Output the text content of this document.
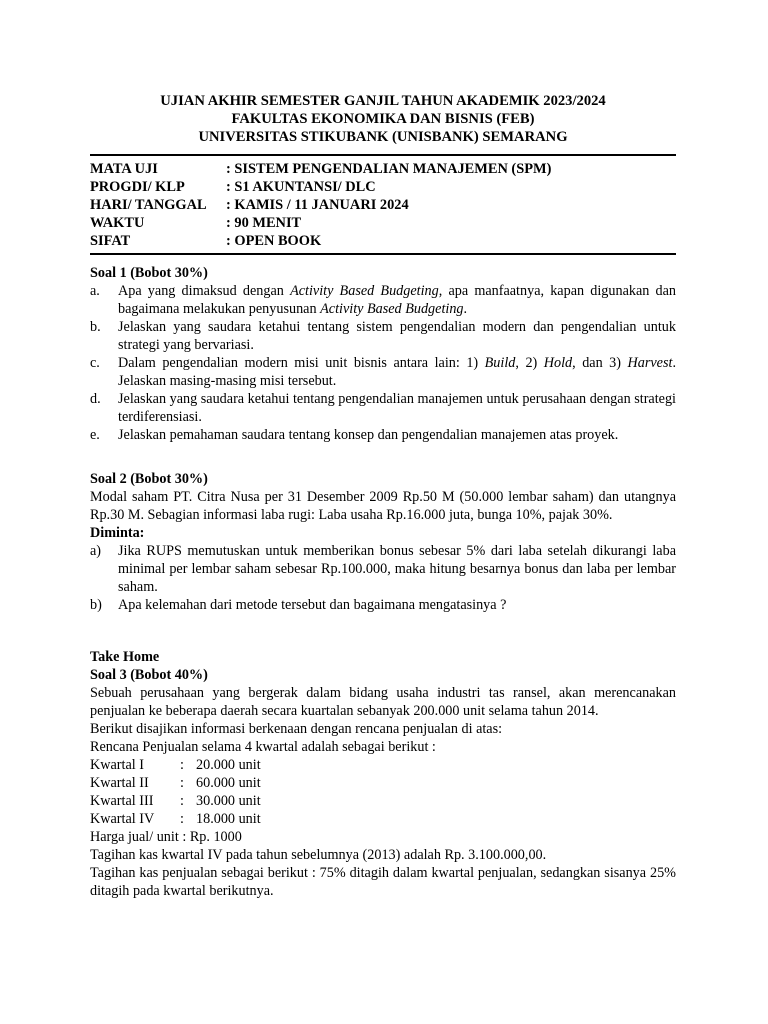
UJIAN AKHIR SEMESTER GANJIL TAHUN AKADEMIK 2023/2024
FAKULTAS EKONOMIKA DAN BISNIS (FEB)
UNIVERSITAS STIKUBANK (UNISBANK) SEMARANG
MATA UJI	: SISTEM PENGENDALIAN MANAJEMEN (SPM)
PROGDI/ KLP	: S1 AKUNTANSI/ DLC
HARI/ TANGGAL	: KAMIS / 11 JANUARI 2024
WAKTU	: 90 MENIT
SIFAT	: OPEN BOOK
Soal 1 (Bobot 30%)
a.	Apa yang dimaksud dengan Activity Based Budgeting, apa manfaatnya, kapan digunakan dan bagaimana melakukan penyusunan Activity Based Budgeting.
b.	Jelaskan yang saudara ketahui tentang sistem pengendalian modern dan pengendalian untuk strategi yang bervariasi.
c.	Dalam pengendalian modern misi unit bisnis antara lain: 1) Build, 2) Hold, dan 3) Harvest. Jelaskan masing-masing misi tersebut.
d.	Jelaskan yang saudara ketahui tentang pengendalian manajemen untuk perusahaan dengan strategi terdiferensiasi.
e.	Jelaskan pemahaman saudara tentang konsep dan pengendalian manajemen atas proyek.
Soal 2 (Bobot 30%)
Modal saham PT. Citra Nusa per 31 Desember 2009 Rp.50 M (50.000 lembar saham) dan utangnya Rp.30 M. Sebagian informasi laba rugi: Laba usaha Rp.16.000 juta, bunga 10%, pajak 30%.
Diminta:
a)	Jika RUPS memutuskan untuk memberikan bonus sebesar 5% dari laba setelah dikurangi laba minimal per lembar saham sebesar Rp.100.000, maka hitung besarnya bonus dan laba per lembar saham.
b)	Apa kelemahan dari metode tersebut dan bagaimana mengatasinya ?
Take Home
Soal 3 (Bobot 40%)
Sebuah perusahaan yang bergerak dalam bidang usaha industri tas ransel, akan merencanakan penjualan ke beberapa daerah secara kuartalan sebanyak 200.000 unit selama tahun 2014.
Berikut disajikan informasi berkenaan dengan rencana penjualan di atas:
Rencana Penjualan selama 4 kwartal adalah sebagai berikut :
Kwartal I	: 20.000 unit
Kwartal II	: 60.000 unit
Kwartal III	: 30.000 unit
Kwartal IV	: 18.000 unit
Harga jual/ unit : Rp. 1000
Tagihan kas kwartal IV pada tahun sebelumnya (2013) adalah Rp. 3.100.000,00.
Tagihan kas penjualan sebagai berikut : 75% ditagih dalam kwartal penjualan, sedangkan sisanya 25% ditagih pada kwartal berikutnya.
